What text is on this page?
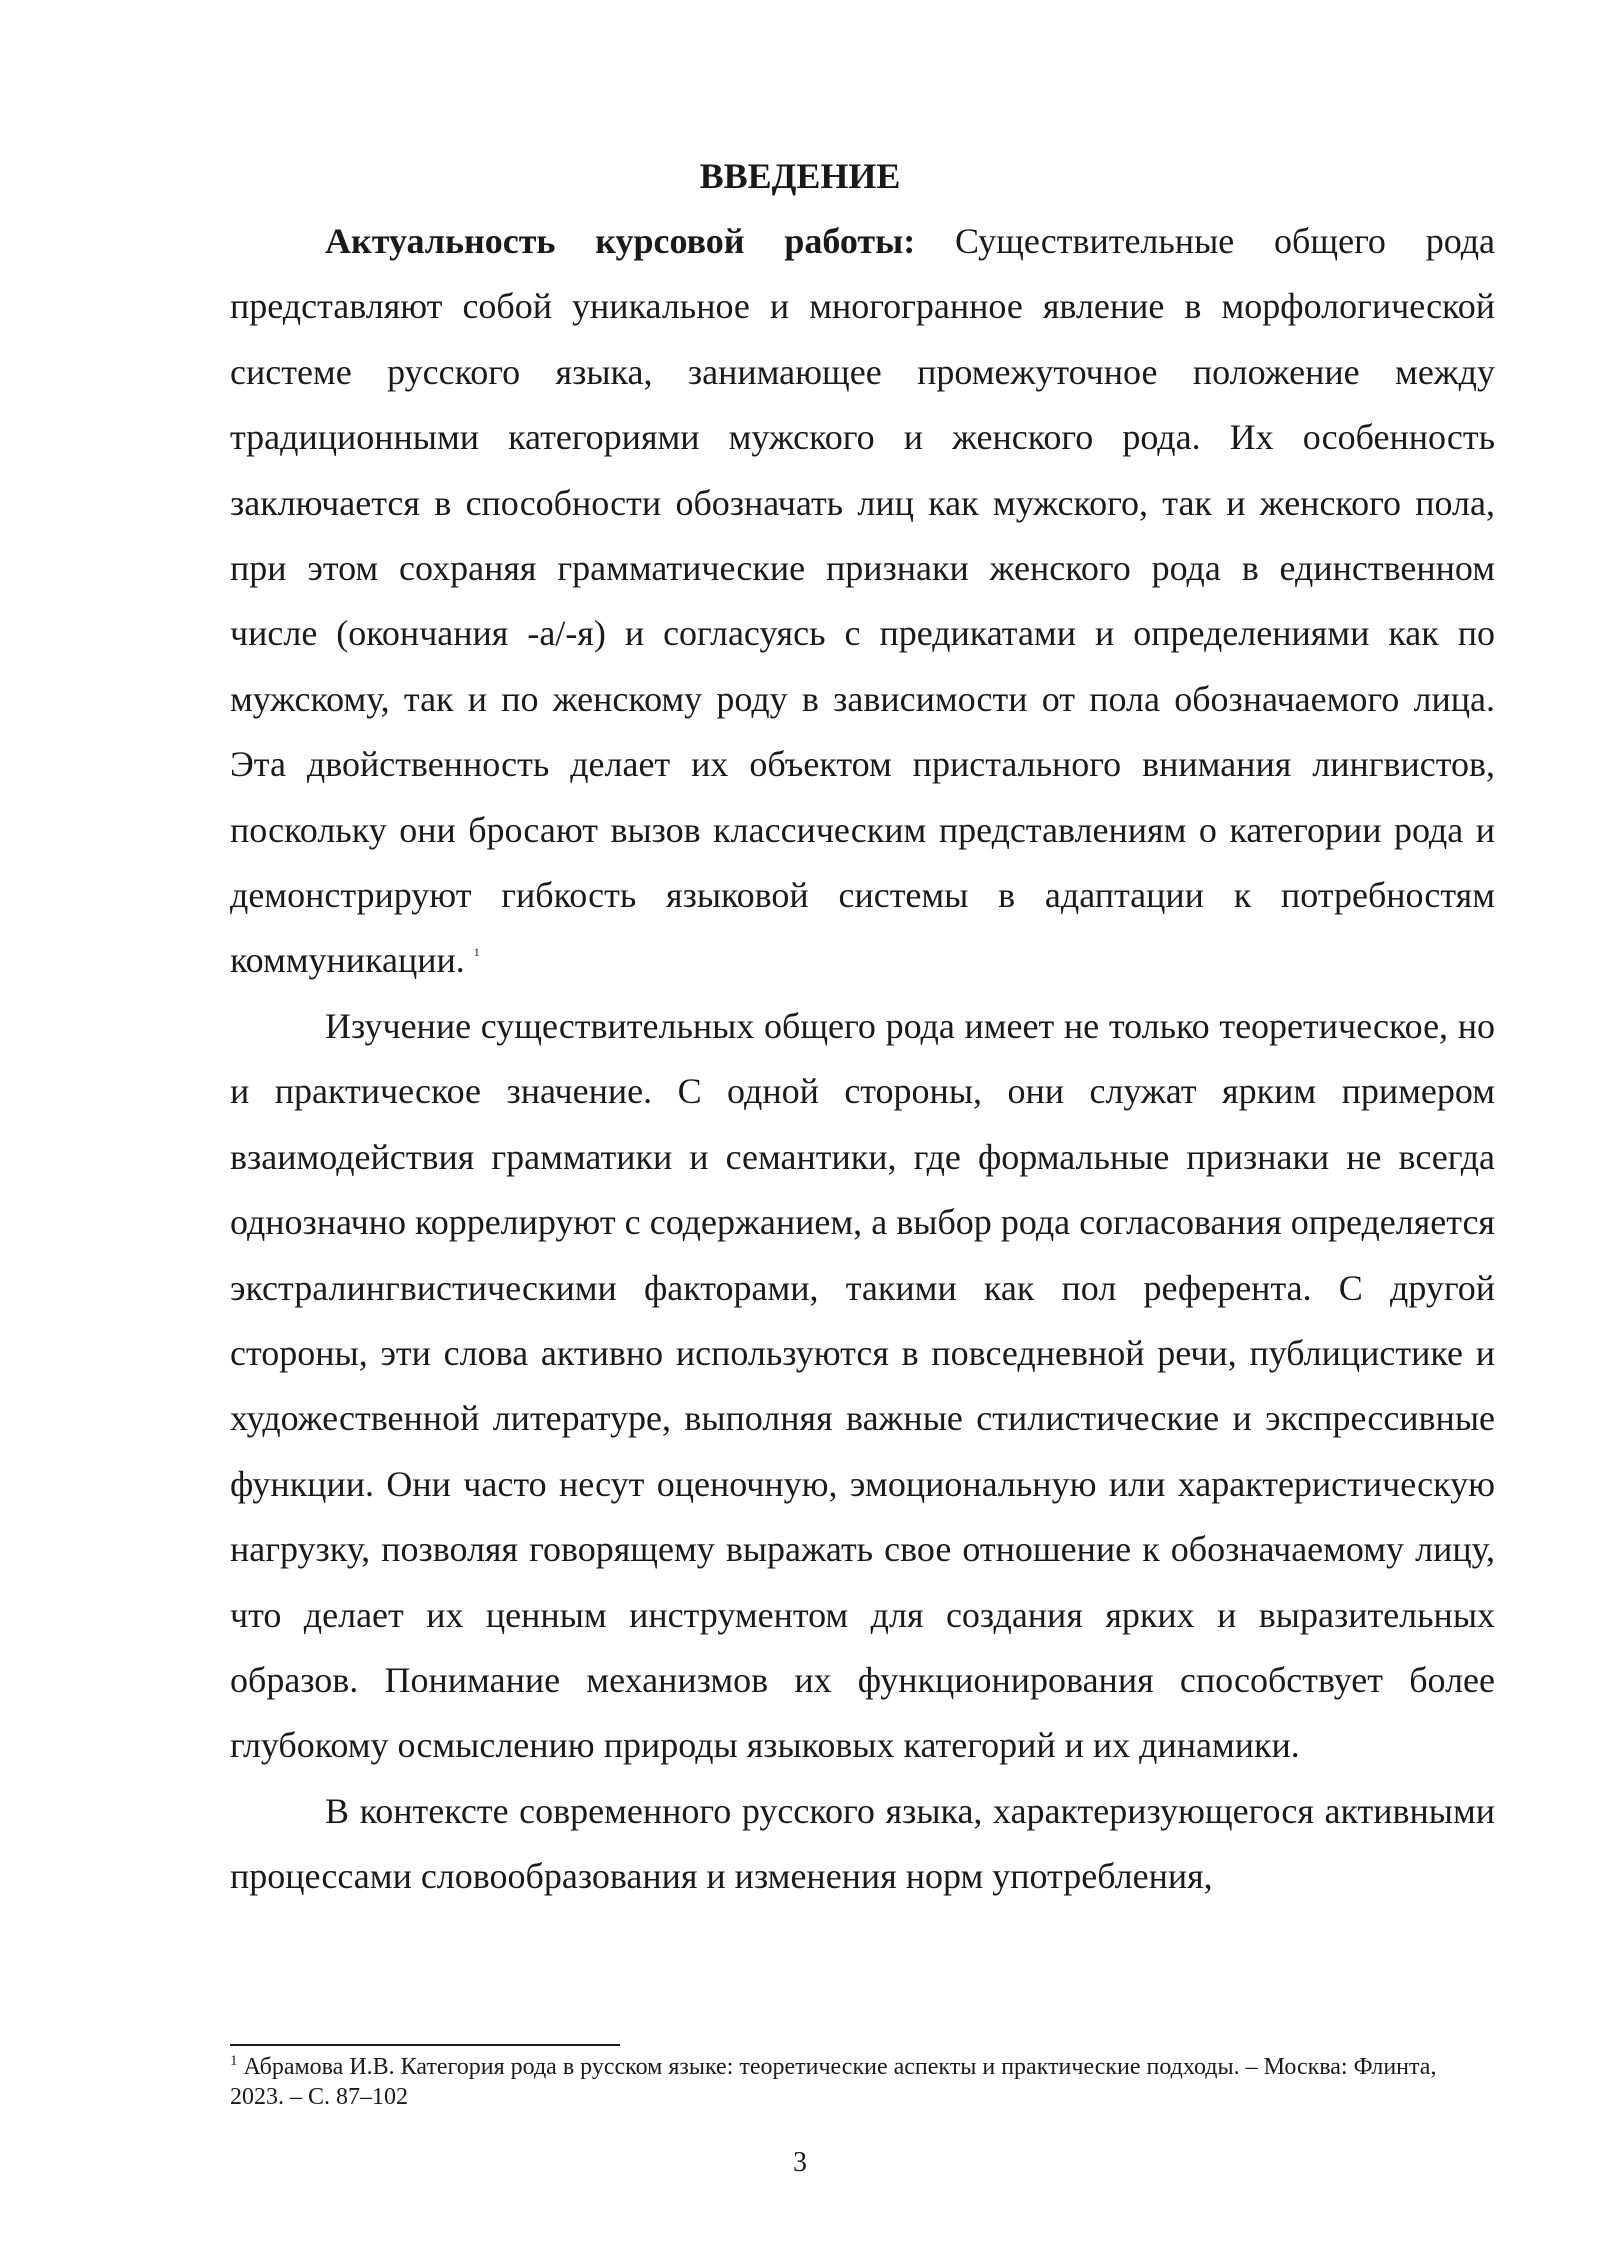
ВВЕДЕНИЕ

Актуальность курсовой работы: Существительные общего рода представляют собой уникальное и многогранное явление в морфологической системе русского языка, занимающее промежуточное положение между традиционными категориями мужского и женского рода. Их особенность заключается в способности обозначать лиц как мужского, так и женского пола, при этом сохраняя грамматические признаки женского рода в единственном числе (окончания -а/-я) и согласуясь с предикатами и определениями как по мужскому, так и по женскому роду в зависимости от пола обозначаемого лица. Эта двойственность делает их объектом пристального внимания лингвистов, поскольку они бросают вызов классическим представлениям о категории рода и демонстрируют гибкость языковой системы в адаптации к потребностям коммуникации. $^1$

Изучение существительных общего рода имеет не только теоретическое, но и практическое значение. С одной стороны, они служат ярким примером взаимодействия грамматики и семантики, где формальные признаки не всегда однозначно коррелируют с содержанием, а выбор рода согласования определяется экстралингвистическими факторами, такими как пол референта. С другой стороны, эти слова активно используются в повседневной речи, публицистике и художественной литературе, выполняя важные стилистические и экспрессивные функции. Они часто несут оценочную, эмоциональную или характеристическую нагрузку, позволяя говорящему выражать свое отношение к обозначаемому лицу, что делает их ценным инструментом для создания ярких и выразительных образов. Понимание механизмов их функционирования способствует более глубокому осмыслению природы языковых категорий и их динамики.

В контексте современного русского языка, характеризующегося активными процессами словообразования и изменения норм употребления,

$^1$ Абрамова И.В. Категория рода в русском языке: теоретические аспекты и практические подходы. – Москва: Флинта, 2023. – С. 87–102

3
